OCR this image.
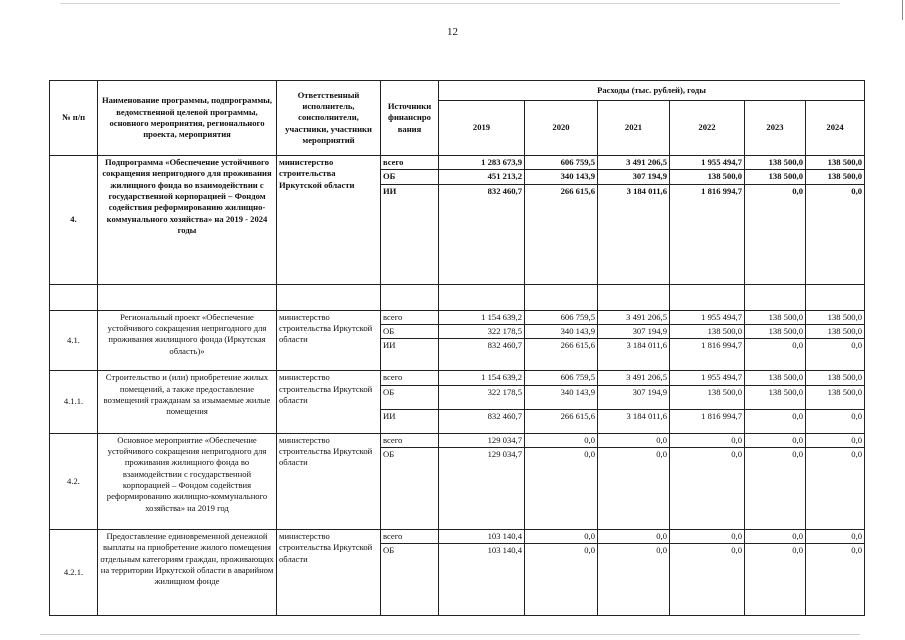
12
№ п/п	Наименование программы, подпрограммы, ведомственной целевой программы, основного мероприятия, регионального проекта, мероприятия	Ответственный исполнитель, соисполнители, участники, участники мероприятий	Источники финансиро вания	Расходы (тыс. рублей), годы					
				2019	2020	2021	2022	2023	2024
4.	Подпрограмма «Обеспечение устойчивого сокращения непригодного для проживания жилищного фонда во взаимодействии с государственной корпорацией – Фондом содействия реформированию жилищно-коммунального хозяйства» на 2019 - 2024 годы	министерство строительства Иркутской области	всего	1 283 673,9	606 759,5	3 491 206,5	1 955 494,7	138 500,0	138 500,0
			ОБ	451 213,2	340 143,9	307 194,9	138 500,0	138 500,0	138 500,0
			ИИ	832 460,7	266 615,6	3 184 011,6	1 816 994,7	0,0	0,0

4.1.	Региональный проект «Обеспечение устойчивого сокращения непригодного для проживания жилищного фонда (Иркутская область)»	министерство строительства Иркутской области	всего	1 154 639,2	606 759,5	3 491 206,5	1 955 494,7	138 500,0	138 500,0
			ОБ	322 178,5	340 143,9	307 194,9	138 500,0	138 500,0	138 500,0
			ИИ	832 460,7	266 615,6	3 184 011,6	1 816 994,7	0,0	0,0
4.1.1.	Строительство и (или) приобретение жилых помещений, а также предоставление возмещений гражданам за изымаемые жилые помещения	министерство строительства Иркутской области	всего	1 154 639,2	606 759,5	3 491 206,5	1 955 494,7	138 500,0	138 500,0
			ОБ	322 178,5	340 143,9	307 194,9	138 500,0	138 500,0	138 500,0
			ИИ	832 460,7	266 615,6	3 184 011,6	1 816 994,7	0,0	0,0
4.2.	Основное мероприятие «Обеспечение устойчивого сокращения непригодного для проживания жилищного фонда во взаимодействии с государственной корпорацией – Фондом содействия реформированию жилищно-коммунального хозяйства» на 2019 год	министерство строительства Иркутской области	всего	129 034,7	0,0	0,0	0,0	0,0	0,0
			ОБ	129 034,7	0,0	0,0	0,0	0,0	0,0
4.2.1.	Предоставление единовременной денежной выплаты на приобретение жилого помещения отдельным категориям граждан, проживающих на территории Иркутской области в аварийном жилищном фонде	министерство строительства Иркутской области	всего	103 140,4	0,0	0,0	0,0	0,0	0,0
			ОБ	103 140,4	0,0	0,0	0,0	0,0	0,0
